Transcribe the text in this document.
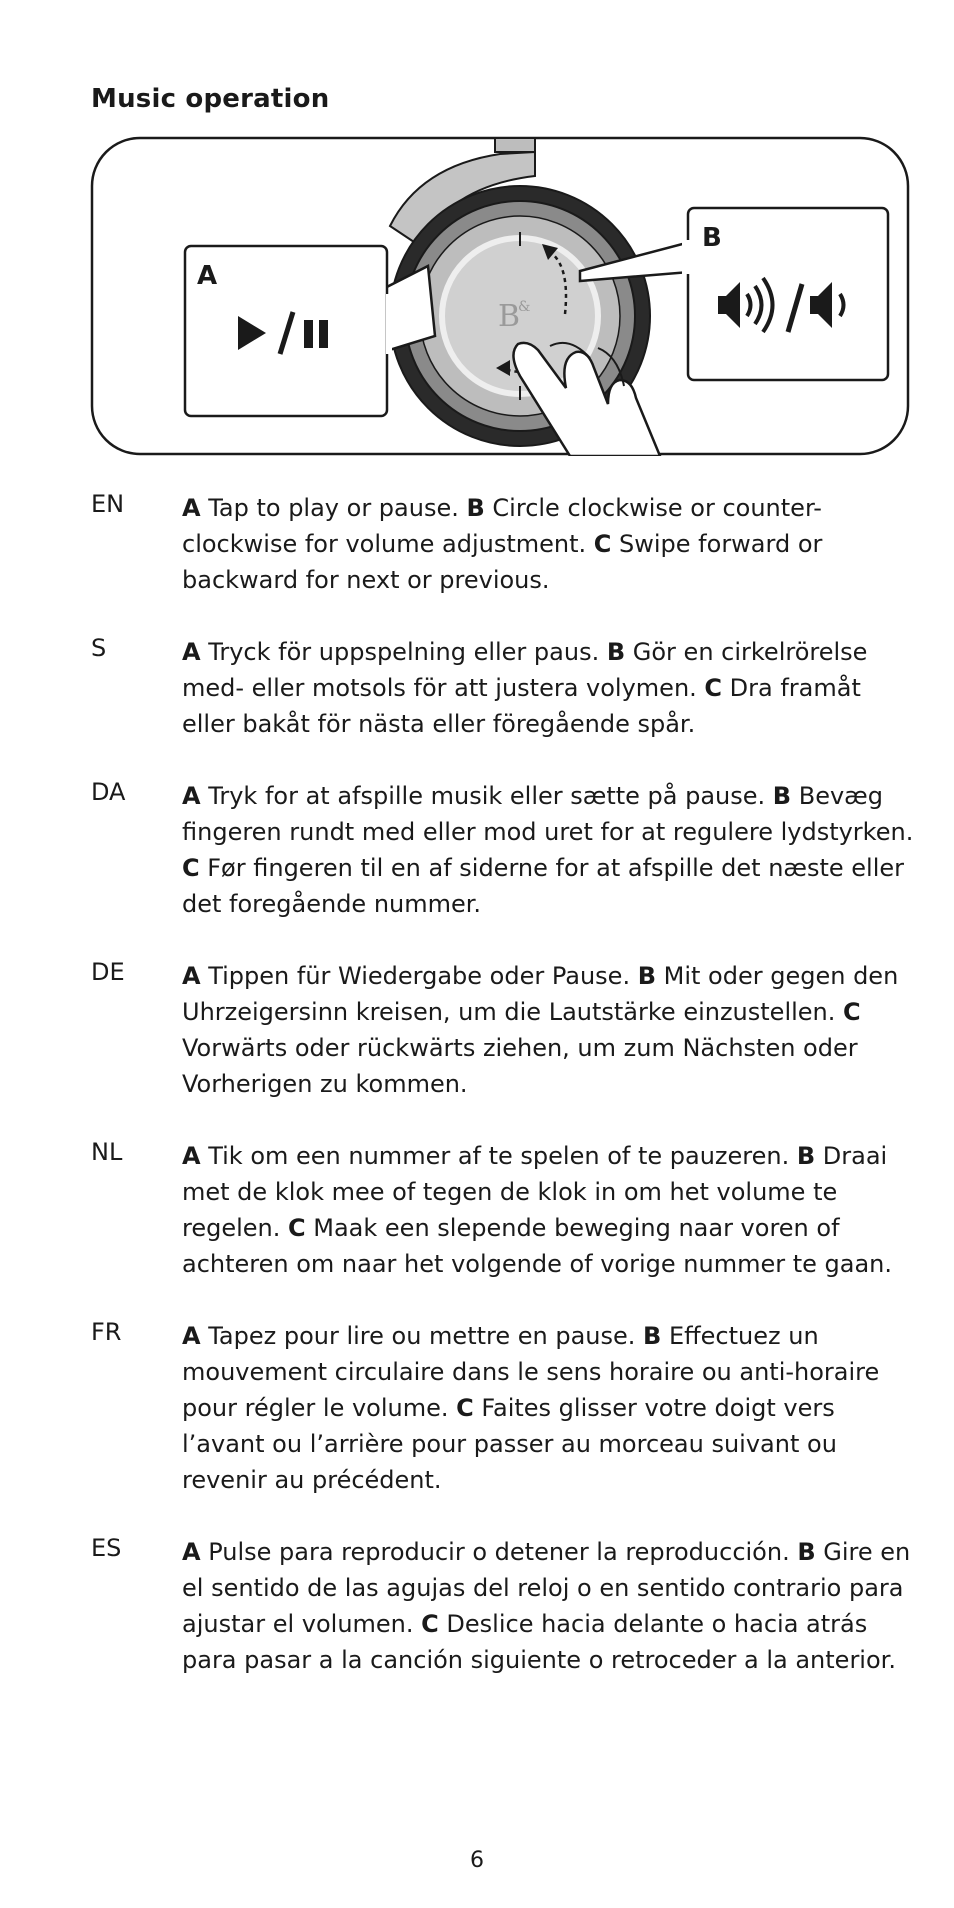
Music operation
B
&
A
B
EN A Tap to play or pause. B Circle clockwise or counter-clockwise for volume adjustment. C Swipe forward or backward for next or previous.
S	A Tryck för uppspelning eller paus. B Gör en cirkelrörelse med- eller motsols för att justera volymen. C Dra framåt eller bakåt för nästa eller föregående spår.
DA A Tryk for at afspille musik eller sætte på pause. B Bevæg fingeren rundt med eller mod uret for at regulere lydstyrken. C Før fingeren til en af siderne for at afspille det næste eller det foregående nummer.
DE A Tippen für Wiedergabe oder Pause. B Mit oder gegen den Uhrzeigersinn kreisen, um die Lautstärke einzustellen. C Vorwärts oder rückwärts ziehen, um zum Nächsten oder Vorherigen zu kommen.
NL A Tik om een nummer af te spelen of te pauzeren. B Draai met de klok mee of tegen de klok in om het volume te regelen. C Maak een slepende beweging naar voren of achteren om naar het volgende of vorige nummer te gaan.
FR	A Tapez pour lire ou mettre en pause. B Effectuez un mouvement circulaire dans le sens horaire ou anti-horaire pour régler le volume. C Faites glisser votre doigt vers l’avant ou l’arrière pour passer au morceau suivant ou revenir au précédent.
ES	A Pulse para reproducir o detener la reproducción. B Gire en el sentido de las agujas del reloj o en sentido contrario para ajustar el volumen. C Deslice hacia delante o hacia atrás para pasar a la canción siguiente o retroceder a la anterior.
6
